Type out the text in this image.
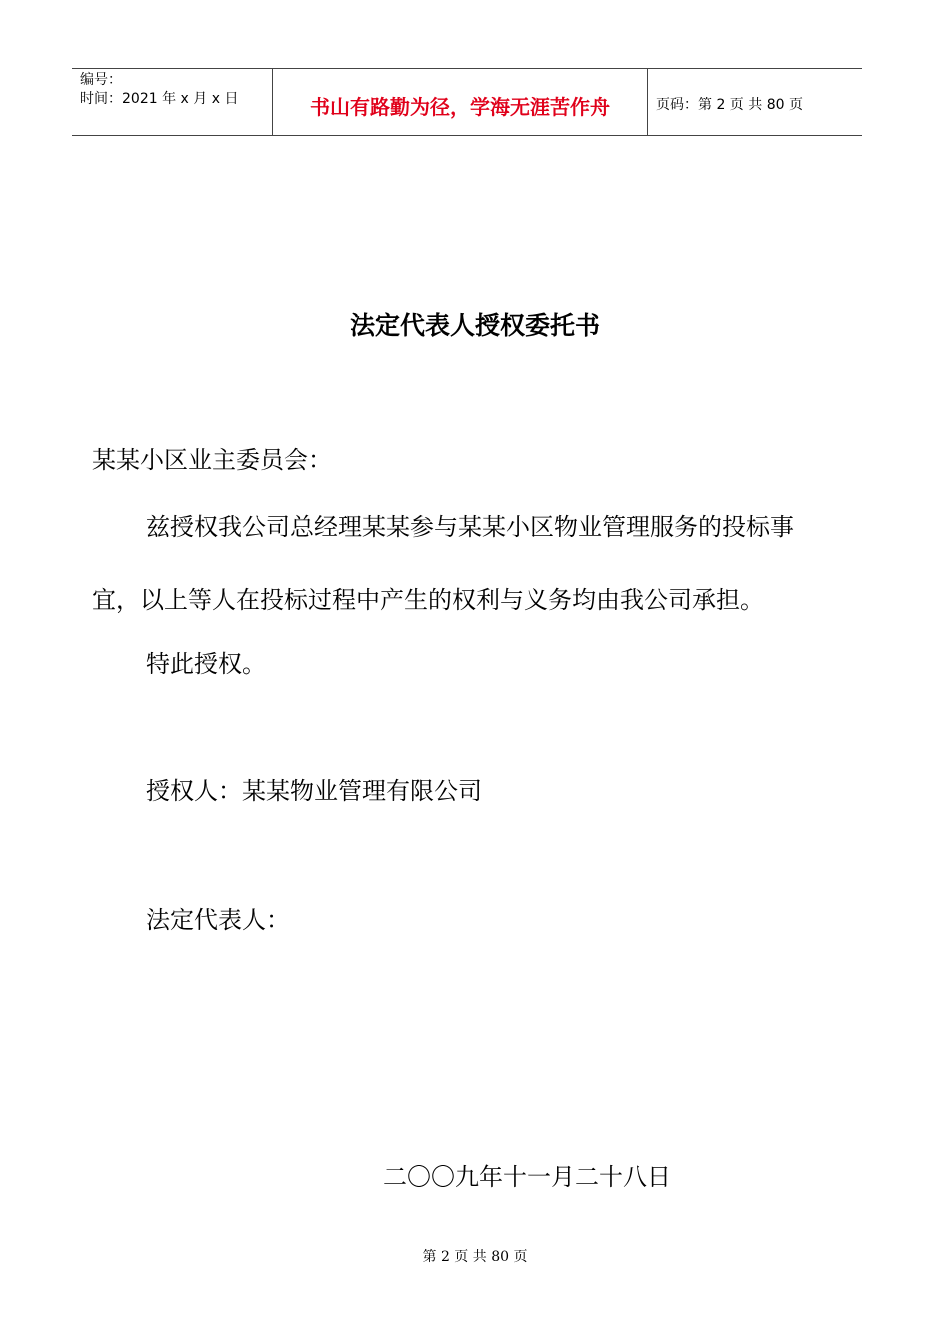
编号：
时间：2021 年 x 月 x 日	书山有路勤为径，学海无涯苦作舟	页码：第 2 页 共 80 页
法定代表人授权委托书
某某小区业主委员会：
兹授权我公司总经理某某参与某某小区物业管理服务的投标事
宜，以上等人在投标过程中产生的权利与义务均由我公司承担。
特此授权。
授权人：某某物业管理有限公司
法定代表人：
二〇〇九年十一月二十八日
第 2 页 共 80 页
